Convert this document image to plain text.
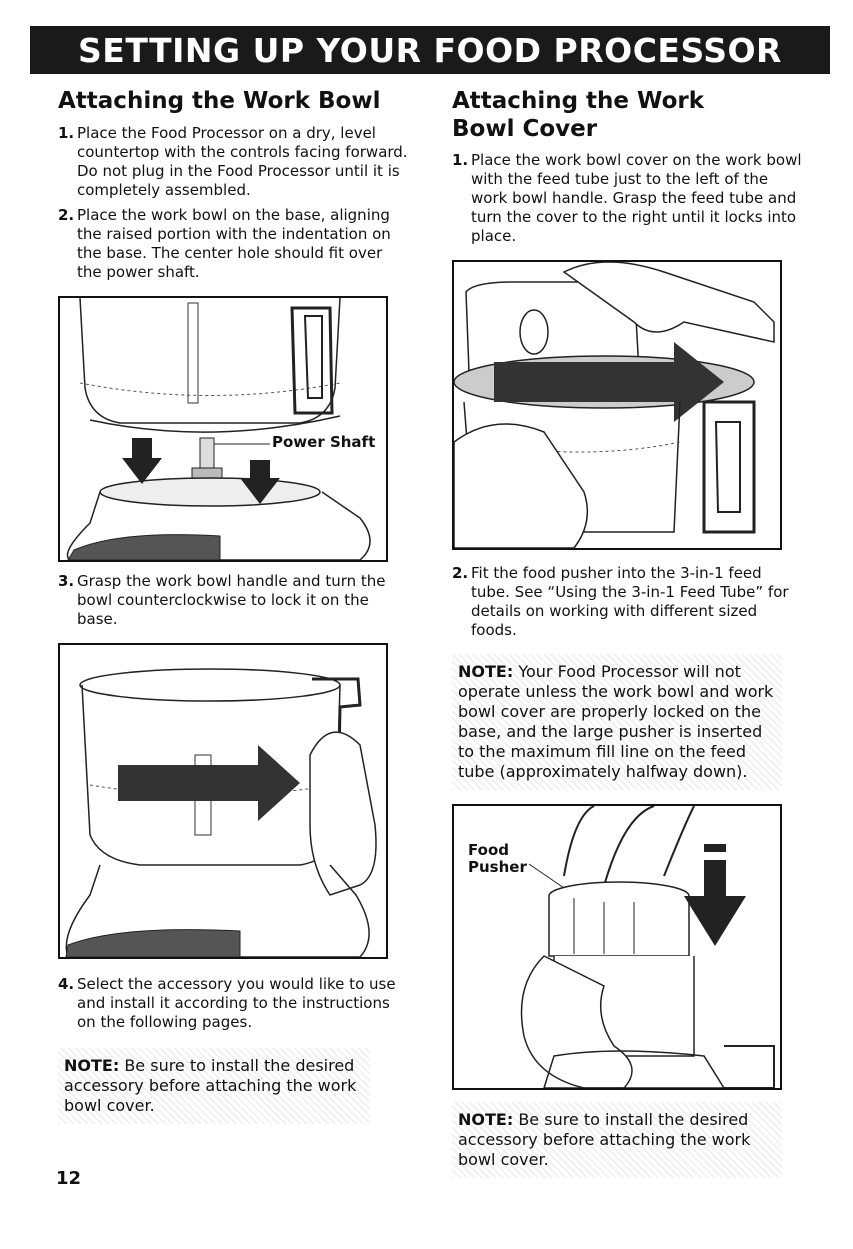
SETTING UP YOUR FOOD PROCESSOR
Attaching the Work Bowl
1. Place the Food Processor on a dry, level countertop with the controls facing forward. Do not plug in the Food Processor until it is completely assembled.
2. Place the work bowl on the base, aligning the raised portion with the indentation on the base. The center hole should fit over the power shaft.
Power Shaft
3. Grasp the work bowl handle and turn the bowl counterclockwise to lock it on the base.
4. Select the accessory you would like to use and install it according to the instructions on the following pages.
NOTE: Be sure to install the desired accessory before attaching the work bowl cover.
Attaching the Work Bowl Cover
1. Place the work bowl cover on the work bowl with the feed tube just to the left of the work bowl handle. Grasp the feed tube and turn the cover to the right until it locks into place.
2. Fit the food pusher into the 3-in-1 feed tube. See “Using the 3-in-1 Feed Tube” for details on working with different sized foods.
NOTE: Your Food Processor will not operate unless the work bowl and work bowl cover are properly locked on the base, and the large pusher is inserted to the maximum fill line on the feed tube (approximately halfway down).
Food
Pusher
NOTE: Be sure to install the desired accessory before attaching the work bowl cover.
12
